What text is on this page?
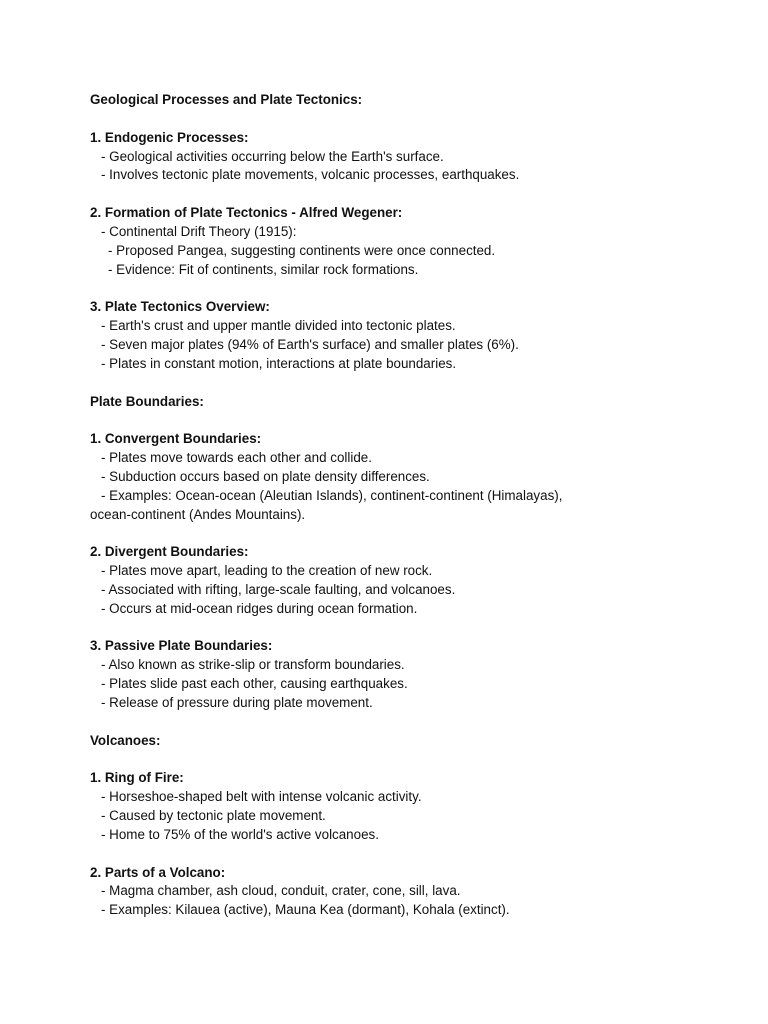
Geological Processes and Plate Tectonics:

1. Endogenic Processes:

- Geological activities occurring below the Earth's surface.

- Involves tectonic plate movements, volcanic processes, earthquakes.

2. Formation of Plate Tectonics - Alfred Wegener:

- Continental Drift Theory (1915):

- Proposed Pangea, suggesting continents were once connected.

- Evidence: Fit of continents, similar rock formations.

3. Plate Tectonics Overview:

- Earth's crust and upper mantle divided into tectonic plates.

- Seven major plates (94% of Earth's surface) and smaller plates (6%).

- Plates in constant motion, interactions at plate boundaries.

Plate Boundaries:

1. Convergent Boundaries:

- Plates move towards each other and collide.

- Subduction occurs based on plate density differences.

- Examples: Ocean-ocean (Aleutian Islands), continent-continent (Himalayas),

ocean-continent (Andes Mountains).

2. Divergent Boundaries:

- Plates move apart, leading to the creation of new rock.

- Associated with rifting, large-scale faulting, and volcanoes.

- Occurs at mid-ocean ridges during ocean formation.

3. Passive Plate Boundaries:

- Also known as strike-slip or transform boundaries.

- Plates slide past each other, causing earthquakes.

- Release of pressure during plate movement.

Volcanoes:

1. Ring of Fire:

- Horseshoe-shaped belt with intense volcanic activity.

- Caused by tectonic plate movement.

- Home to 75% of the world's active volcanoes.

2. Parts of a Volcano:

- Magma chamber, ash cloud, conduit, crater, cone, sill, lava.

- Examples: Kilauea (active), Mauna Kea (dormant), Kohala (extinct).
